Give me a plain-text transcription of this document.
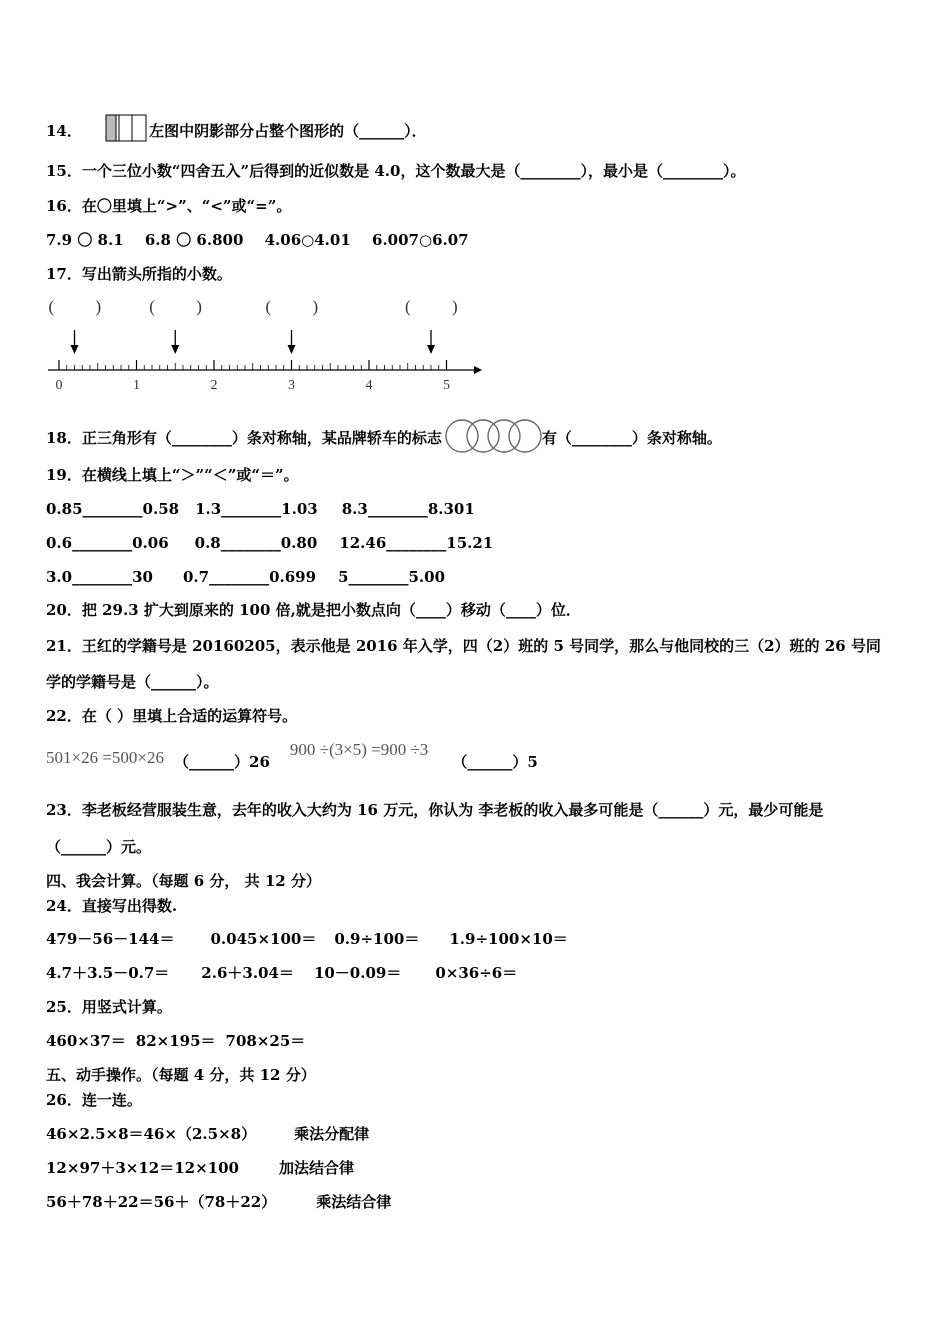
14．	左图中阴影部分占整个图形的（______）．
15．一个三位小数“四舍五入”后得到的近似数是 4.0，这个数最大是（________），最小是（________）。
16．在〇里填上“>”、“<”或“=”。
7.9 〇 8.1 6.8 〇 6.800 4.06○4.01 6.007○6.07
17．写出箭头所指的小数。
( )	( )	( )	( )
0	1	2	3	4	5
18．正三角形有（________）条对称轴，某品牌轿车的标志	有（________）条对称轴。
19．在横线上填上“＞”“＜”或“＝”。
0.85________0.58 1.3________1.03 8.3________8.301
0.6________0.06 0.8________0.80 12.46________15.21
3.0________30 0.7________0.699 5________5.00
20．把 29.3 扩大到原来的 100 倍,就是把小数点向（____）移动（____）位．
21．王红的学籍号是 20160205，表示他是 2016 年入学，四（2）班的 5 号同学，那么与他同校的三（2）班的 26 号同
学的学籍号是（______）。
22．在（ ）里填上合适的运算符号。
501×26 =500×26 （______）26900 ÷(3×5) =900 ÷3（______）5
23．李老板经营服装生意，去年的收入大约为 16 万元，你认为 李老板的收入最多可能是（______）元，最少可能是
（______）元。
四、我会计算。（每题 6 分， 共 12 分）
24．直接写出得数.
479－56－144＝ 0.045×100＝ 0.9÷100＝ 1.9÷100×10＝
4.7＋3.5－0.7＝ 2.6＋3.04＝ 10－0.09＝ 0×36÷6＝
25．用竖式计算。
460×37＝ 82×195＝ 708×25＝
五、动手操作。（每题 4 分，共 12 分）
26．连一连。
46×2.5×8＝46×（2.5×8）	乘法分配律
12×97＋3×12＝12×100	加法结合律
56＋78＋22＝56＋（78＋22）	乘法结合律
